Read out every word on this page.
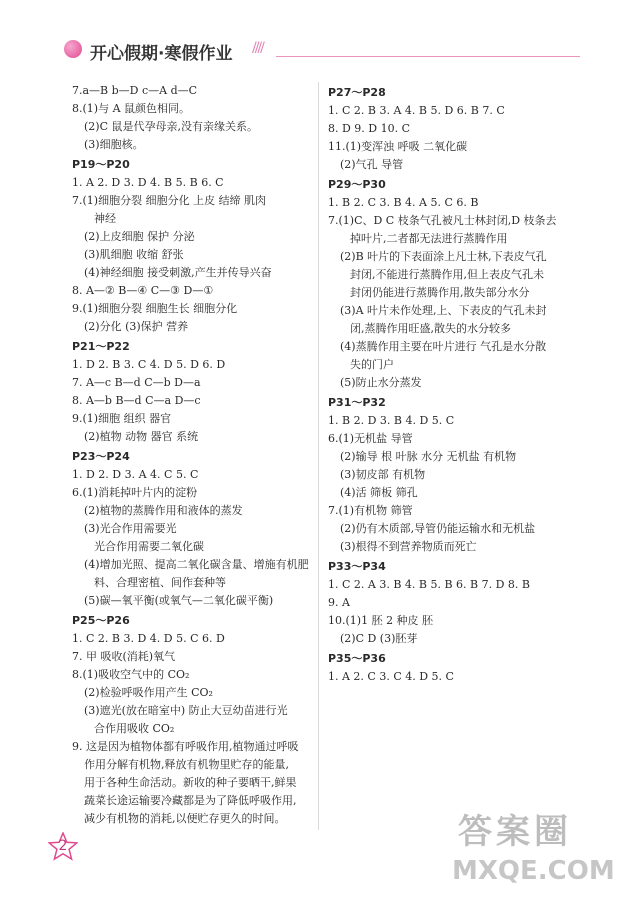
开心假期·寒假作业 ////
7.a—B b—D c—A d—C
8.(1)与 A 鼠颜色相同。
(2)C 鼠是代孕母亲,没有亲缘关系。
(3)细胞核。
P19～P20
1. A 2. D 3. D 4. B 5. B 6. C
7.(1)细胞分裂 细胞分化 上皮 结缔 肌肉
神经
(2)上皮细胞 保护 分泌
(3)肌细胞 收缩 舒张
(4)神经细胞 接受刺激,产生并传导兴奋
8. A—② B—④ C—③ D—①
9.(1)细胞分裂 细胞生长 细胞分化
(2)分化 (3)保护 营养
P21～P22
1. D 2. B 3. C 4. D 5. D 6. D
7. A—c B—d C—b D—a
8. A—b B—d C—a D—c
9.(1)细胞 组织 器官
(2)植物 动物 器官 系统
P23～P24
1. D 2. D 3. A 4. C 5. C
6.(1)消耗掉叶片内的淀粉
(2)植物的蒸腾作用和液体的蒸发
(3)光合作用需要光
光合作用需要二氧化碳
(4)增加光照、提高二氧化碳含量、增施有机肥
料、合理密植、间作套种等
(5)碳—氧平衡(或氧气—二氧化碳平衡)
P25～P26
1. C 2. B 3. D 4. D 5. C 6. D
7. 甲 吸收(消耗)氧气
8.(1)吸收空气中的 CO₂
(2)检验呼吸作用产生 CO₂
(3)遮光(放在暗室中) 防止大豆幼苗进行光
合作用吸收 CO₂
9. 这是因为植物体都有呼吸作用,植物通过呼吸
作用分解有机物,释放有机物里贮存的能量,
用于各种生命活动。新收的种子要晒干,鲜果
蔬菜长途运输要冷藏都是为了降低呼吸作用,
减少有机物的消耗,以便贮存更久的时间。
P27～P28
1. C 2. B 3. A 4. B 5. D 6. B 7. C
8. D 9. D 10. C
11.(1)变浑浊 呼吸 二氧化碳
(2)气孔 导管
P29～P30
1. B 2. C 3. B 4. A 5. C 6. B
7.(1)C、D C 枝条气孔被凡士林封闭,D 枝条去
掉叶片,二者都无法进行蒸腾作用
(2)B 叶片的下表面涂上凡士林,下表皮气孔
封闭,不能进行蒸腾作用,但上表皮气孔未
封闭仍能进行蒸腾作用,散失部分水分
(3)A 叶片未作处理,上、下表皮的气孔未封
闭,蒸腾作用旺盛,散失的水分较多
(4)蒸腾作用主要在叶片进行 气孔是水分散
失的门户
(5)防止水分蒸发
P31～P32
1. B 2. D 3. B 4. D 5. C
6.(1)无机盐 导管
(2)输导 根 叶脉 水分 无机盐 有机物
(3)韧皮部 有机物
(4)活 筛板 筛孔
7.(1)有机物 筛管
(2)仍有木质部,导管仍能运输水和无机盐
(3)根得不到营养物质而死亡
P33～P34
1. C 2. A 3. B 4. B 5. B 6. B 7. D 8. B
9. A
10.(1)1 胚 2 种皮 胚
(2)C D (3)胚芽
P35～P36
1. A 2. C 3. C 4. D 5. C
2	答案圈
MXQE.COM
